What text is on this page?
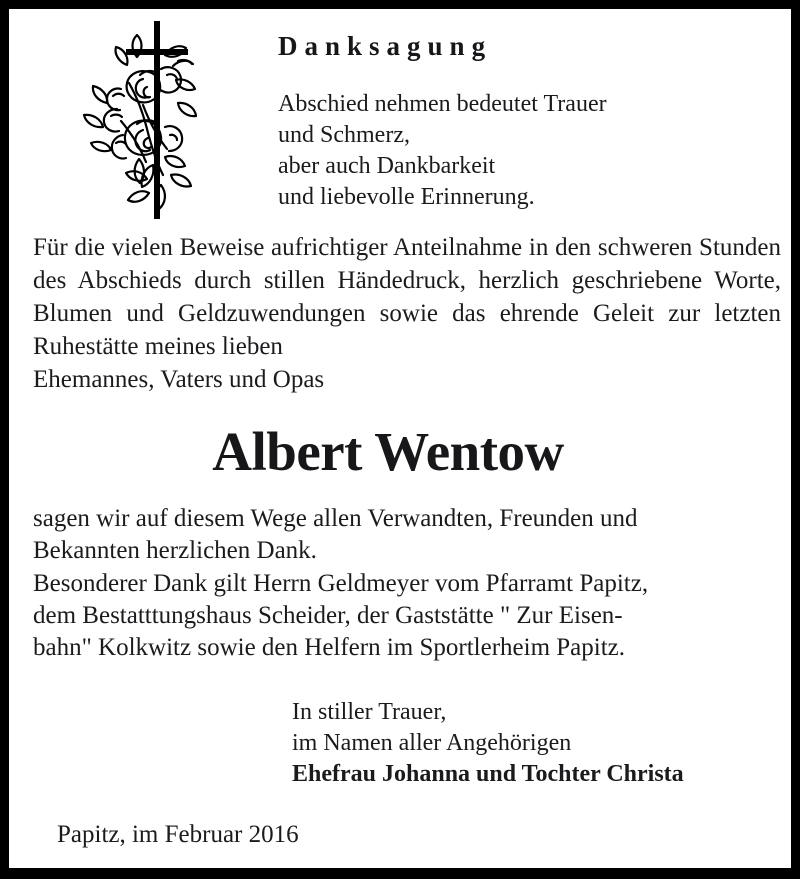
Danksagung
Abschied nehmen bedeutet Trauer
und Schmerz,
aber auch Dankbarkeit
und liebevolle Erinnerung.

Für die vielen Beweise aufrichtiger Anteilnahme in den schweren Stunden des Abschieds durch stillen Händedruck, herzlich geschriebene Worte, Blumen und Geldzuwendungen sowie das ehrende Geleit zur letzten Ruhestätte meines lieben
Ehemannes, Vaters und Opas

Albert Wentow

sagen wir auf diesem Wege allen Verwandten, Freunden und
Bekannten herzlichen Dank.
Besonderer Dank gilt Herrn Geldmeyer vom Pfarramt Papitz,
dem Bestatttungshaus Scheider, der Gaststätte " Zur Eisen-
bahn" Kolkwitz sowie den Helfern im Sportlerheim Papitz.

In stiller Trauer,
im Namen aller Angehörigen
Ehefrau Johanna und Tochter Christa
Papitz, im Februar 2016
